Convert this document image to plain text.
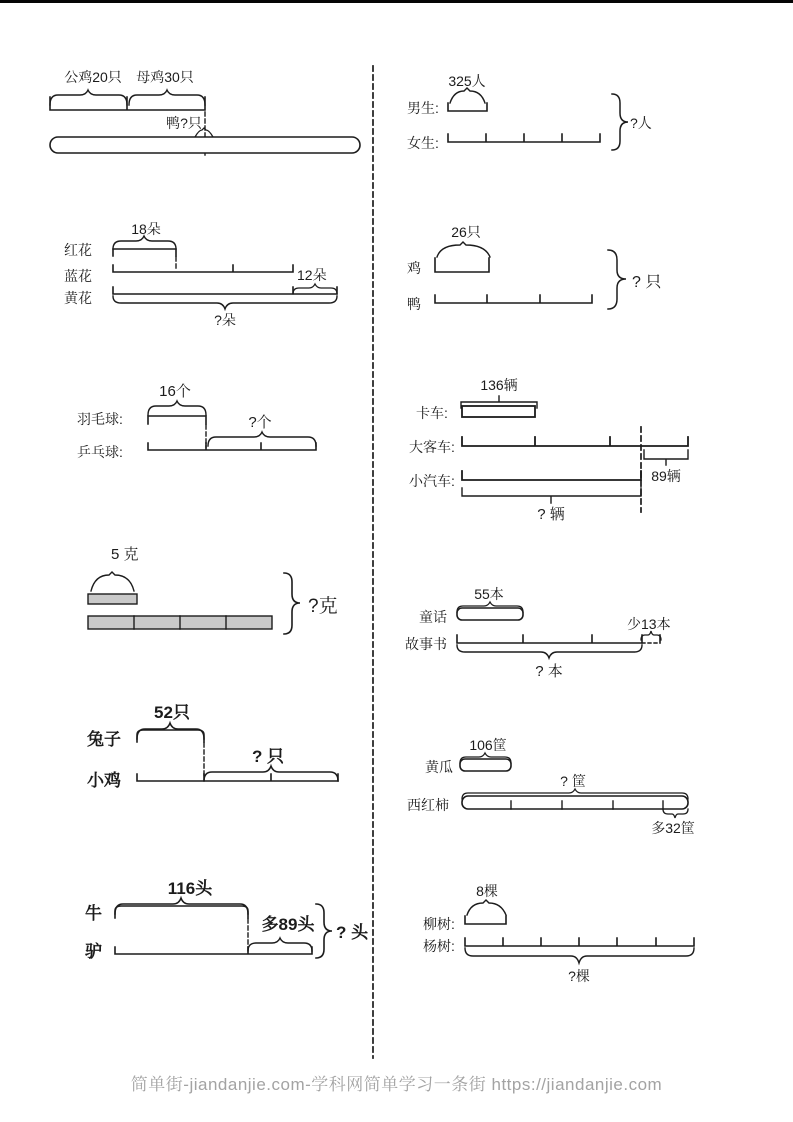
公鸡20只 母鸡30只
鸭?只
18朵
红花
蓝花	12朵
黄花
?朵
16个
羽毛球:	?个
乒乓球:
5 克
?克
52只
兔子
? 只
小鸡
116头
牛
多89头
驴
? 头
325人
男生:
女生:
?人
26只
鸡
鸭
? 只
136辆
卡车:
大客车:
89辆
小汽车:
? 辆
55本
童话	少13本
故事书
? 本
106筐
黄瓜
? 筐
西红柿
多32筐
8棵
柳树:
杨树:
?棵
简单街-jiandanjie.com-学科网简单学习一条街 https://jiandanjie.com
